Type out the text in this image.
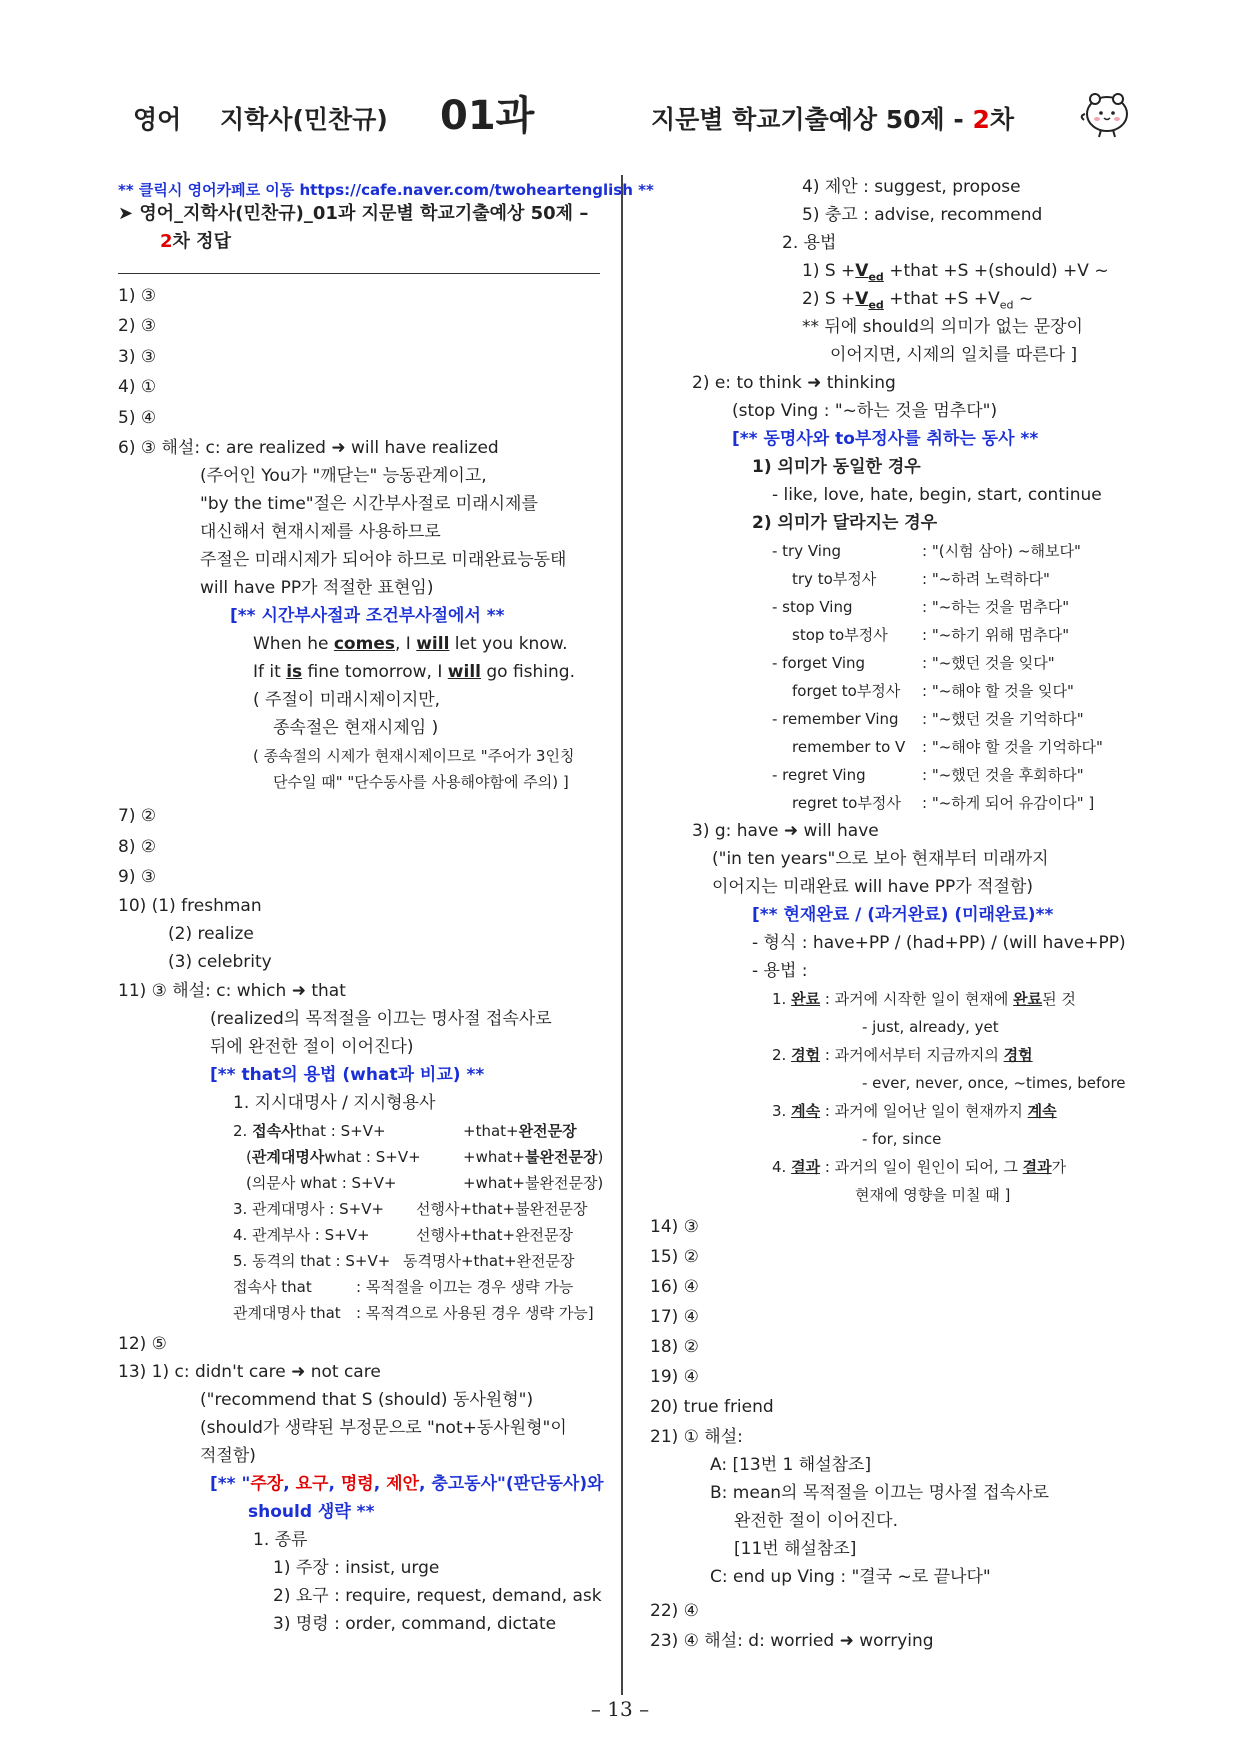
영어 지학사(민찬규) 01과	지문별 학교기출예상 50제 - 2차
** 클릭시 영어카페로 이동 https://cafe.naver.com/twoheartenglish **
➤ 영어_지학사(민찬규)_01과 지문별 학교기출예상 50제 –
2차 정답
1) ③
2) ③
3) ③
4) ①
5) ④
6) ③ 해설: c: are realized ➜ will have realized
(주어인 You가 "깨닫는" 능동관계이고,
"by the time"절은 시간부사절로 미래시제를
대신해서 현재시제를 사용하므로
주절은 미래시제가 되어야 하므로 미래완료능동태
will have PP가 적절한 표현임)
[** 시간부사절과 조건부사절에서 **
When he comes, I will let you know.
If it is fine tomorrow, I will go fishing.
( 주절이 미래시제이지만,
종속절은 현재시제임 )
( 종속절의 시제가 현재시제이므로 "주어가 3인칭
단수일 때" "단수동사를 사용해야함에 주의) ]
7) ②
8) ②
9) ③
10) (1) freshman
(2) realize
(3) celebrity
11) ③ 해설: c: which ➜ that
(realized의 목적절을 이끄는 명사절 접속사로
뒤에 완전한 절이 이어진다)
[** that의 용법 (what과 비교) **
1. 지시대명사 / 지시형용사
2. 접속사that : S+V+	+that+완전문장
(관계대명사what : S+V+	+what+불완전문장)
(의문사 what : S+V+	+what+불완전문장)
3. 관계대명사 : S+V+ 선행사+that+불완전문장
4. 관계부사 : S+V+	선행사+that+완전문장
5. 동격의 that : S+V+ 동격명사+that+완전문장
접속사 that	: 목적절을 이끄는 경우 생략 가능
관계대명사 that : 목적격으로 사용된 경우 생략 가능]
12) ⑤
13) 1) c: didn't care ➜ not care
("recommend that S (should) 동사원형")
(should가 생략된 부정문으로 "not+동사원형"이
적절함)
[** "주장, 요구, 명령, 제안, 충고동사"(판단동사)와
should 생략 **
1. 종류
1) 주장 : insist, urge
2) 요구 : require, request, demand, ask
3) 명령 : order, command, dictate
4) 제안 : suggest, propose
5) 충고 : advise, recommend
2. 용법
1) $S +V_{ed}$ +that +S +(should) +V ~
2) $S +V_{ed}$ +that $+S +V_{ed}$ ~
** 뒤에 should의 의미가 없는 문장이
이어지면, 시제의 일치를 따른다 ]
2) e: to think ➜ thinking
(stop Ving : "~하는 것을 멈추다")
[** 동명사와 to부정사를 취하는 동사 **
1) 의미가 동일한 경우
- like, love, hate, begin, start, continue
2) 의미가 달라지는 경우
- try Ving	: "(시험 삼아) ~해보다"
try to부정사	: "~하려 노력하다"
- stop Ving	: "~하는 것을 멈추다"
stop to부정사 : "~하기 위해 멈추다"
- forget Ving	: "~했던 것을 잊다"
forget to부정사 : "~해야 할 것을 잊다"
- remember Ving : "~했던 것을 기억하다"
remember to V : "~해야 할 것을 기억하다"
- regret Ving	: "~했던 것을 후회하다"
regret to부정사 : "~하게 되어 유감이다" ]
3) g: have ➜ will have
("in ten years"으로 보아 현재부터 미래까지
이어지는 미래완료 will have PP가 적절함)
[** 현재완료 / (과거완료) (미래완료)**
- 형식 : have+PP / (had+PP) / (will have+PP)
- 용법 :
1. 완료 : 과거에 시작한 일이 현재에 완료된 것
- just, already, yet
2. 경험 : 과거에서부터 지금까지의 경험
- ever, never, once, ~times, before
3. 계속 : 과거에 일어난 일이 현재까지 계속
- for, since
4. 결과 : 과거의 일이 원인이 되어, 그 결과가
현재에 영향을 미칠 때 ]
14) ③
15) ②
16) ④
17) ④
18) ②
19) ④
20) true friend
21) ① 해설:
A: [13번 1 해설참조]
B: mean의 목적절을 이끄는 명사절 접속사로
완전한 절이 이어진다.
[11번 해설참조]
C: end up Ving : "결국 ~로 끝나다"
22) ④
23) ④ 해설: d: worried ➜ worrying
– 13 –
